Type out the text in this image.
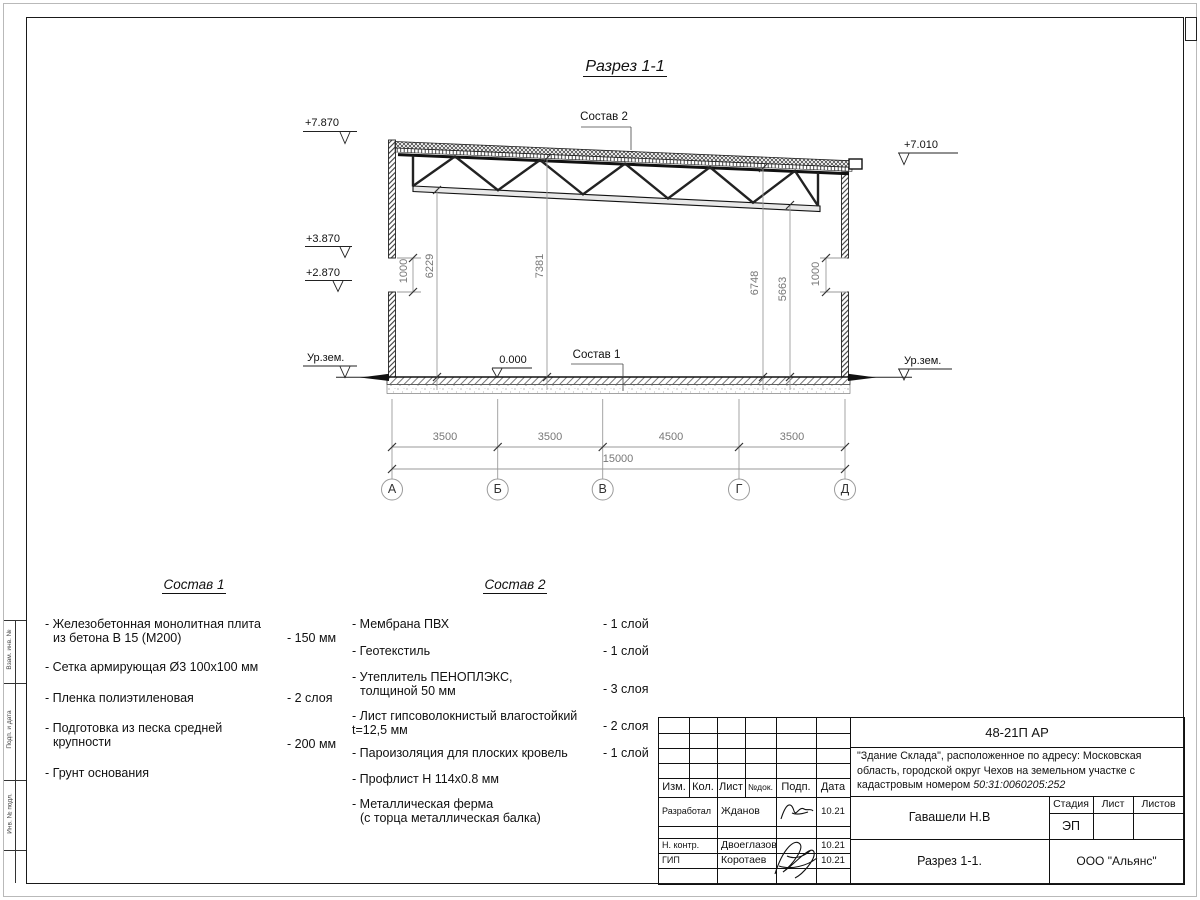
Взам. инв. №
Подп. и дата
Инв. № подл.
Разрез 1-1
Состав 2
Состав 1
+7.870
+3.870
+2.870
Ур.зем.	0.000
+7.010
Ур.зем.
1000 6229	7381
6748 5663
1000
3500	3500	4500	3500
15000
А	Б	В	Г	Д
Состав 1
- Железобетонная монолитная плита
из бетона В 15 (М200)	- 150 мм
- Сетка армирующая Ø3 100х100 мм
- Пленка полиэтиленовая	- 2 слоя
- Подготовка из песка средней
крупности	- 200 мм
- Грунт основания
Состав 2
- Мембрана ПВХ	- 1 слой
- Геотекстиль	- 1 слой
- Утеплитель ПЕНОПЛЭКС,
толщиной 50 мм	- 3 слоя
- Лист гипсоволокнистый влагостойкий
t=12,5 мм	- 2 слоя
- Пароизоляция для плоских кровель	- 1 слой
- Профлист Н 114х0.8 мм
- Металлическая ферма
(с торца металлическая балка)
Изм. Кол. Лист №док. Подп. Дата
Разработал Жданов	10.21
Н. контр.	Двоеглазов	10.21
ГИП	Коротаев	10.21
48-21П АР
"Здание Склада", расположенное по адресу: Московская область, городской округ Чехов на земельном участке с кадастровым номером 50:31:0060205:252
Гавашели Н.В
Стадия	Лист	Листов
ЭП
Разрез 1-1.	ООО "Альянс"
